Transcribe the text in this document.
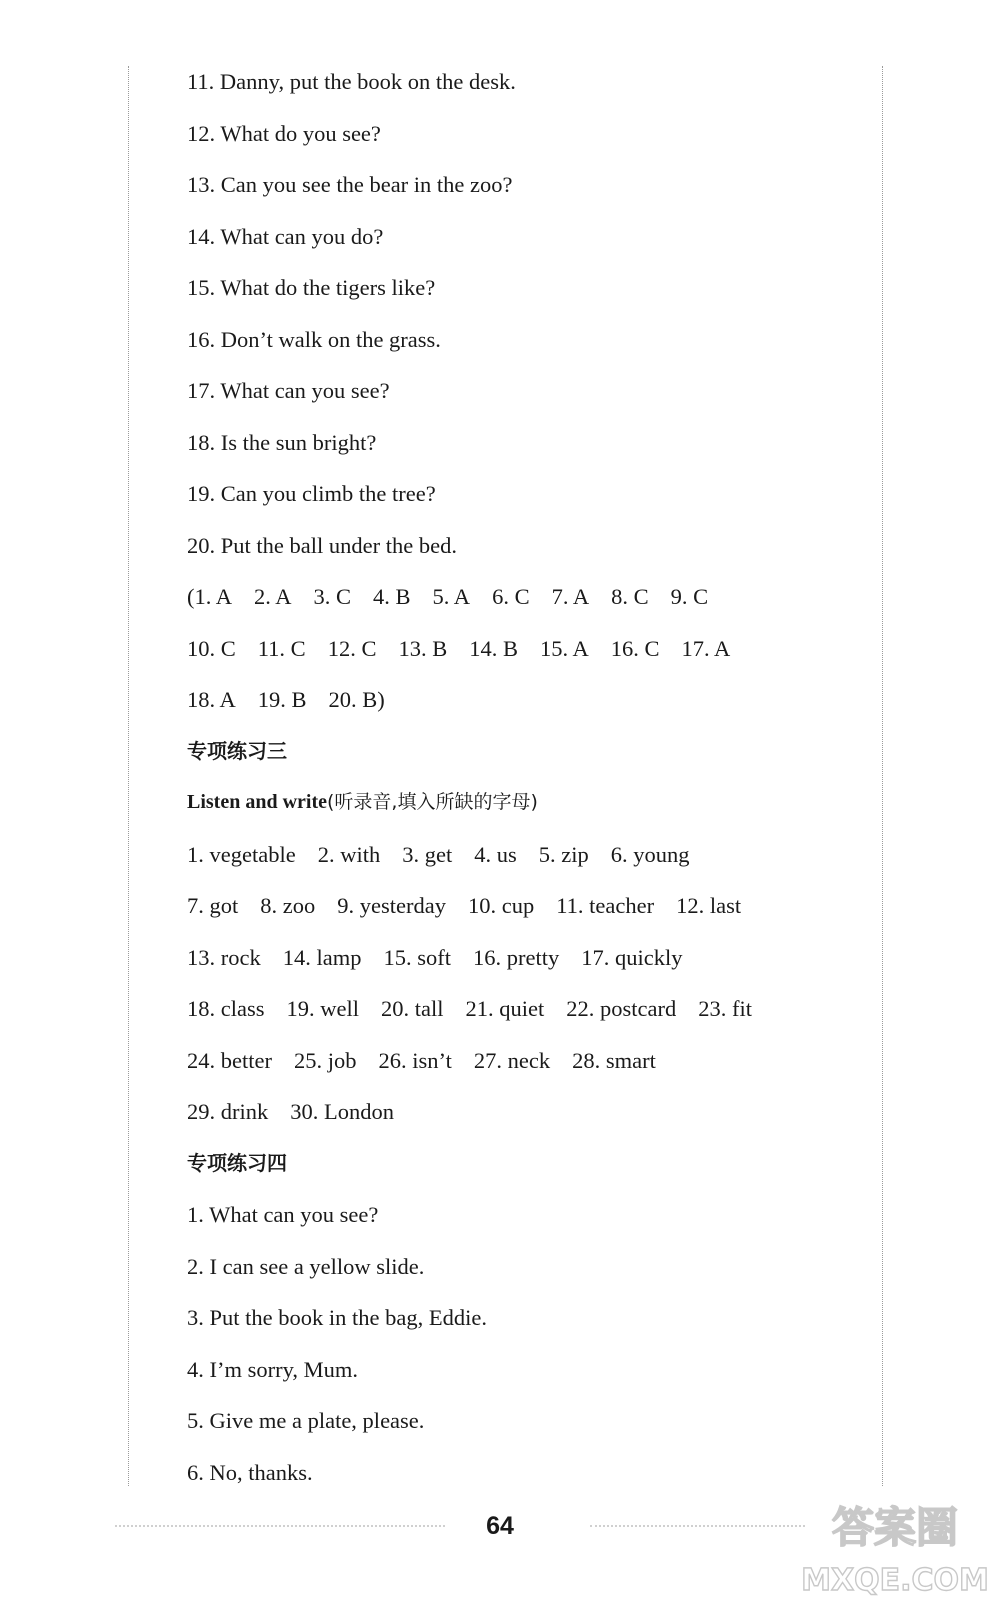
11. Danny, put the book on the desk.
12. What do you see?
13. Can you see the bear in the zoo?
14. What can you do?
15. What do the tigers like?
16. Don’t walk on the grass.
17. What can you see?
18. Is the sun bright?
19. Can you climb the tree?
20. Put the ball under the bed.
(1. A 2. A 3. C 4. B 5. A 6. C 7. A 8. C 9. C
10. C 11. C 12. C 13. B 14. B 15. A 16. C 17. A
18. A 19. B 20. B)
专项练习三
Listen and write(听录音,填入所缺的字母)
1. vegetable 2. with 3. get 4. us 5. zip 6. young
7. got 8. zoo 9. yesterday 10. cup 11. teacher 12. last
13. rock 14. lamp 15. soft 16. pretty 17. quickly
18. class 19. well 20. tall 21. quiet 22. postcard 23. fit
24. better 25. job 26. isn’t 27. neck 28. smart
29. drink 30. London
专项练习四
1. What can you see?
2. I can see a yellow slide.
3. Put the book in the bag, Eddie.
4. I’m sorry, Mum.
5. Give me a plate, please.
6. No, thanks.
64	答案圈
MXQE.COM
